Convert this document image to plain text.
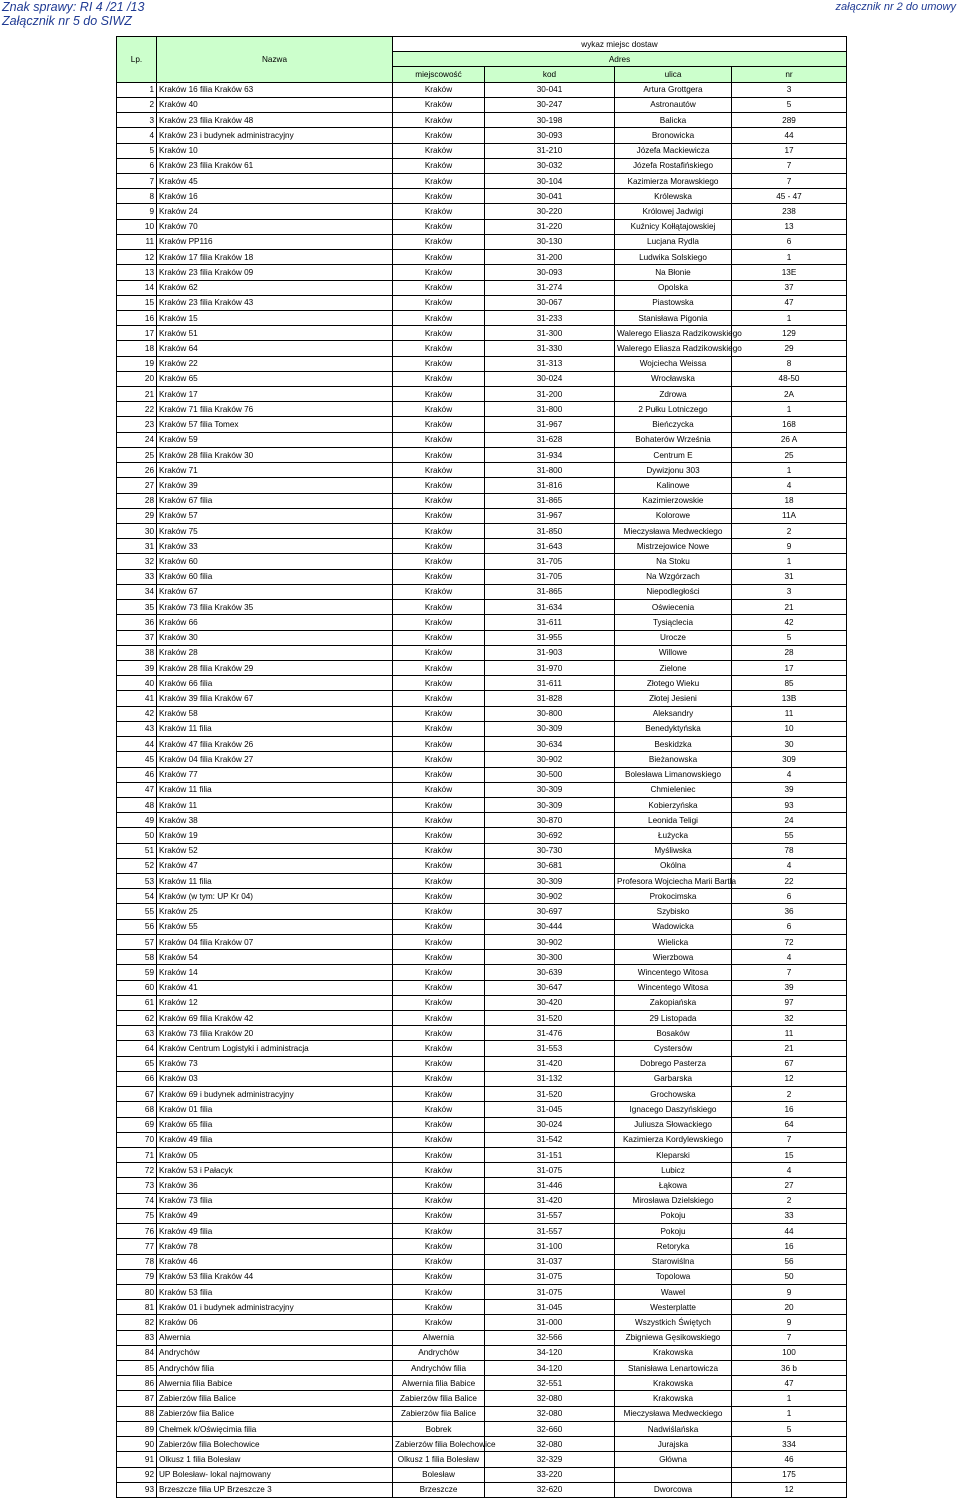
Znak sprawy: RI 4 /21 /13
Załącznik nr 5 do SIWZ
załącznik nr 2 do umowy
Lp.	Nazwa	wykaz miejsc dostaw			
		Adres			
		miejscowość	kod	ulica	nr
1	Kraków 16 filia Kraków 63	Kraków	30-041	Artura Grottgera	3
2	Kraków 40	Kraków	30-247	Astronautów	5
3	Kraków 23 filia Kraków 48	Kraków	30-198	Balicka	289
4	Kraków 23 i budynek administracyjny	Kraków	30-093	Bronowicka	44
5	Kraków 10	Kraków	31-210	Józefa Mackiewicza	17
6	Kraków 23 filia Kraków 61	Kraków	30-032	Józefa Rostafińskiego	7
7	Kraków 45	Kraków	30-104	Kazimierza Morawskiego	7
8	Kraków 16	Kraków	30-041	Królewska	45 - 47
9	Kraków 24	Kraków	30-220	Królowej Jadwigi	238
10	Kraków 70	Kraków	31-220	Kuźnicy Kołłątajowskiej	13
11	Kraków PP116	Kraków	30-130	Lucjana Rydla	6
12	Kraków 17 filia Kraków 18	Kraków	31-200	Ludwika Solskiego	1
13	Kraków 23 filia Kraków 09	Kraków	30-093	Na Błonie	13E
14	Kraków 62	Kraków	31-274	Opolska	37
15	Kraków 23 filia Kraków 43	Kraków	30-067	Piastowska	47
16	Kraków 15	Kraków	31-233	Stanisława Pigonia	1
17	Kraków 51	Kraków	31-300	Walerego Eliasza Radzikowskiego	129
18	Kraków 64	Kraków	31-330	Walerego Eliasza Radzikowskiego	29
19	Kraków 22	Kraków	31-313	Wojciecha Weissa	8
20	Kraków 65	Kraków	30-024	Wrocławska	48-50
21	Kraków 17	Kraków	31-200	Zdrowa	2A
22	Kraków 71 filia Kraków 76	Kraków	31-800	2 Pułku Lotniczego	1
23	Kraków 57 filia Tomex	Kraków	31-967	Bieńczycka	168
24	Kraków 59	Kraków	31-628	Bohaterów Września	26 A
25	Kraków 28 filia Kraków 30	Kraków	31-934	Centrum E	25
26	Kraków 71	Kraków	31-800	Dywizjonu 303	1
27	Kraków 39	Kraków	31-816	Kalinowe	4
28	Kraków 67 filia	Kraków	31-865	Kazimierzowskie	18
29	Kraków 57	Kraków	31-967	Kolorowe	11A
30	Kraków 75	Kraków	31-850	Mieczysława Medweckiego	2
31	Kraków 33	Kraków	31-643	Mistrzejowice Nowe	9
32	Kraków 60	Kraków	31-705	Na Stoku	1
33	Kraków 60 filia	Kraków	31-705	Na Wzgórzach	31
34	Kraków 67	Kraków	31-865	Niepodległości	3
35	Kraków 73 filia Kraków 35	Kraków	31-634	Oświecenia	21
36	Kraków 66	Kraków	31-611	Tysiąclecia	42
37	Kraków 30	Kraków	31-955	Urocze	5
38	Kraków 28	Kraków	31-903	Willowe	28
39	Kraków 28 filia Kraków 29	Kraków	31-970	Zielone	17
40	Kraków 66 filia	Kraków	31-611	Złotego Wieku	85
41	Kraków 39 filia Kraków 67	Kraków	31-828	Złotej Jesieni	13B
42	Kraków 58	Kraków	30-800	Aleksandry	11
43	Kraków 11 filia	Kraków	30-309	Benedyktyńska	10
44	Kraków 47 filia Kraków 26	Kraków	30-634	Beskidzka	30
45	Kraków 04 filia Kraków 27	Kraków	30-902	Bieżanowska	309
46	Kraków 77	Kraków	30-500	Bolesława Limanowskiego	4
47	Kraków 11 filia	Kraków	30-309	Chmieleniec	39
48	Kraków 11	Kraków	30-309	Kobierzyńska	93
49	Kraków 38	Kraków	30-870	Leonida Teligi	24
50	Kraków 19	Kraków	30-692	Łużycka	55
51	Kraków 52	Kraków	30-730	Myśliwska	78
52	Kraków 47	Kraków	30-681	Okólna	4
53	Kraków 11 filia	Kraków	30-309	Profesora Wojciecha Marii Bartla	22
54	Kraków (w tym: UP Kr 04)	Kraków	30-902	Prokocimska	6
55	Kraków 25	Kraków	30-697	Szybisko	36
56	Kraków 55	Kraków	30-444	Wadowicka	6
57	Kraków 04 filia Kraków 07	Kraków	30-902	Wielicka	72
58	Kraków 54	Kraków	30-300	Wierzbowa	4
59	Kraków 14	Kraków	30-639	Wincentego Witosa	7
60	Kraków 41	Kraków	30-647	Wincentego Witosa	39
61	Kraków 12	Kraków	30-420	Zakopiańska	97
62	Kraków 69 filia Kraków 42	Kraków	31-520	29 Listopada	32
63	Kraków 73 filia Kraków 20	Kraków	31-476	Bosaków	11
64	Kraków Centrum Logistyki i administracja	Kraków	31-553	Cystersów	21
65	Kraków 73	Kraków	31-420	Dobrego Pasterza	67
66	Kraków 03	Kraków	31-132	Garbarska	12
67	Kraków 69 i budynek administracyjny	Kraków	31-520	Grochowska	2
68	Kraków 01 filia	Kraków	31-045	Ignacego Daszyńskiego	16
69	Kraków 65 filia	Kraków	30-024	Juliusza Słowackiego	64
70	Kraków 49 filia	Kraków	31-542	Kazimierza Kordylewskiego	7
71	Kraków 05	Kraków	31-151	Kleparski	15
72	Kraków 53 i Pałacyk	Kraków	31-075	Lubicz	4
73	Kraków 36	Kraków	31-446	Łąkowa	27
74	Kraków 73 filia	Kraków	31-420	Mirosława Dzielskiego	2
75	Kraków 49	Kraków	31-557	Pokoju	33
76	Kraków 49 filia	Kraków	31-557	Pokoju	44
77	Kraków 78	Kraków	31-100	Retoryka	16
78	Kraków 46	Kraków	31-037	Starowiślna	56
79	Kraków 53 filia Kraków 44	Kraków	31-075	Topolowa	50
80	Kraków 53 filia	Kraków	31-075	Wawel	9
81	Kraków 01 i budynek administracyjny	Kraków	31-045	Westerplatte	20
82	Kraków 06	Kraków	31-000	Wszystkich Świętych	9
83	Alwernia	Alwernia	32-566	Zbigniewa Gęsikowskiego	7
84	Andrychów	Andrychów	34-120	Krakowska	100
85	Andrychów filia	Andrychów filia	34-120	Stanisława Lenartowicza	36 b
86	Alwernia filia Babice	Alwernia filia Babice	32-551	Krakowska	47
87	Zabierzów filia Balice	Zabierzów filia Balice	32-080	Krakowska	1
88	Zabierzów fiia Balice	Zabierzów fiia Balice	32-080	Mieczysława Medweckiego	1
89	Chełmek k/Oświęcimia filia	Bobrek	32-660	Nadwiślańska	5
90	Zabierzów filia Bolechowice	Zabierzów filia Bolechowice	32-080	Jurajska	334
91	Olkusz 1 filia Bolesław	Olkusz 1 filia Bolesław	32-329	Główna	46
92	UP Bolesław- lokal najmowany	Bolesław	33-220		175
93	Brzeszcze filia UP Brzeszcze 3	Brzeszcze	32-620	Dworcowa	12
